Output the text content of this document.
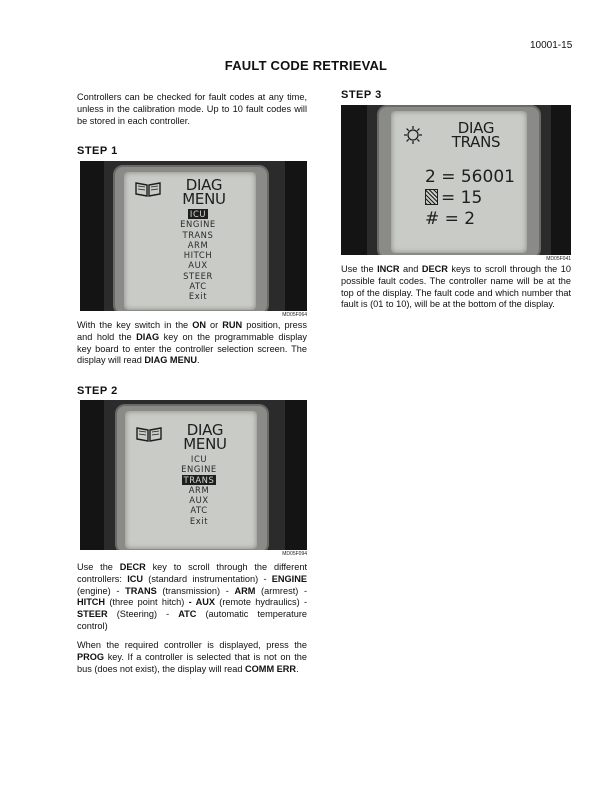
10001-15
FAULT CODE RETRIEVAL
Controllers can be checked for fault codes at any time, unless in the calibration mode. Up to 10 fault codes will be stored in each controller.
STEP 1
DIAG
MENU
ICU
ENGINE
TRANS
ARM
HITCH
AUX
STEER
ATC
Exit
MD05F064
With the key switch in the ON or RUN position, press and hold the DIAG key on the programmable display key board to enter the controller selection screen. The display will read DIAG MENU.
STEP 2
DIAG
MENU
ICU
ENGINE
TRANS
ARM
AUX
ATC
Exit
MD05F094
Use the DECR key to scroll through the different controllers: ICU (standard instrumentation) - ENGINE (engine) - TRANS (transmission) - ARM (armrest) - HITCH (three point hitch) - AUX (remote hydraulics) - STEER (Steering) - ATC (automatic temperature control)
When the required controller is displayed, press the PROG key. If a controller is selected that is not on the bus (does not exist), the display will read COMM ERR.
STEP 3
DIAG
TRANS
2 = 56001
= 15
# = 2
MD05F041
Use the INCR and DECR keys to scroll through the 10 possible fault codes. The controller name will be at the top of the display. The fault code and which number that fault is (01 to 10), will be at the bottom of the display.
